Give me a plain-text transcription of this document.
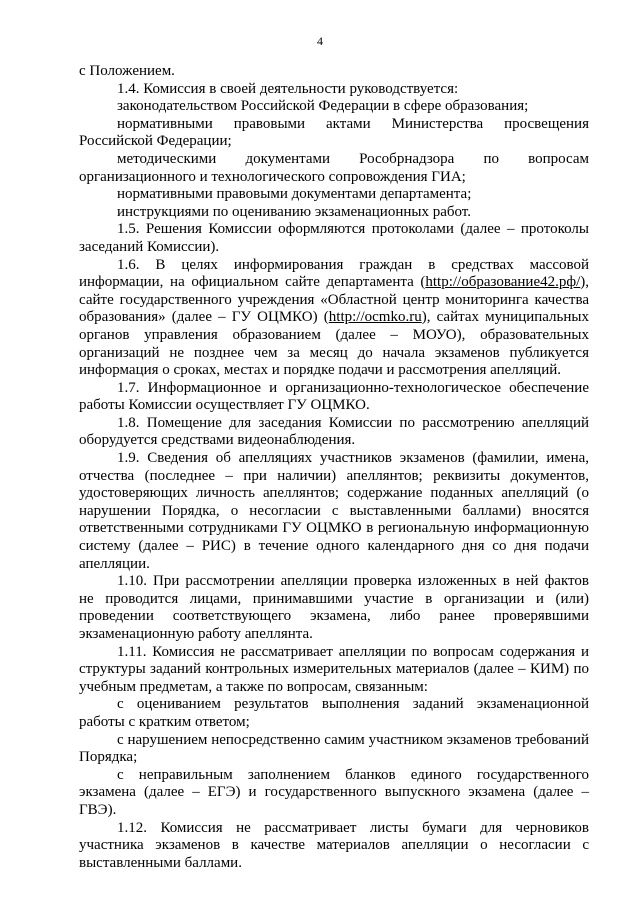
4

с Положением.

1.4. Комиссия в своей деятельности руководствуется:

законодательством Российской Федерации в сфере образования;

нормативными правовыми актами Министерства просвещения Российской Федерации;

методическими документами Рособрнадзора по вопросам организационного и технологического сопровождения ГИА;

нормативными правовыми документами департамента;

инструкциями по оцениванию экзаменационных работ.

1.5. Решения Комиссии оформляются протоколами (далее – протоколы заседаний Комиссии).

1.6. В целях информирования граждан в средствах массовой информации, на официальном сайте департамента (http://образование42.рф/), сайте государственного учреждения «Областной центр мониторинга качества образования» (далее – ГУ ОЦМКО) (http://ocmko.ru), сайтах муниципальных органов управления образованием (далее – МОУО), образовательных организаций не позднее чем за месяц до начала экзаменов публикуется информация о сроках, местах и порядке подачи и рассмотрения апелляций.

1.7. Информационное и организационно-технологическое обеспечение работы Комиссии осуществляет ГУ ОЦМКО.

1.8. Помещение для заседания Комиссии по рассмотрению апелляций оборудуется средствами видеонаблюдения.

1.9. Сведения об апелляциях участников экзаменов (фамилии, имена, отчества (последнее – при наличии) апеллянтов; реквизиты документов, удостоверяющих личность апеллянтов; содержание поданных апелляций (о нарушении Порядка, о несогласии с выставленными баллами) вносятся ответственными сотрудниками ГУ ОЦМКО в региональную информационную систему (далее – РИС) в течение одного календарного дня со дня подачи апелляции.

1.10. При рассмотрении апелляции проверка изложенных в ней фактов не проводится лицами, принимавшими участие в организации и (или) проведении соответствующего экзамена, либо ранее проверявшими экзаменационную работу апеллянта.

1.11. Комиссия не рассматривает апелляции по вопросам содержания и структуры заданий контрольных измерительных материалов (далее – КИМ) по учебным предметам, а также по вопросам, связанным:

с оцениванием результатов выполнения заданий экзаменационной работы с кратким ответом;

с нарушением непосредственно самим участником экзаменов требований Порядка;

с неправильным заполнением бланков единого государственного экзамена (далее – ЕГЭ) и государственного выпускного экзамена (далее – ГВЭ).

1.12. Комиссия не рассматривает листы бумаги для черновиков участника экзаменов в качестве материалов апелляции о несогласии с выставленными баллами.
